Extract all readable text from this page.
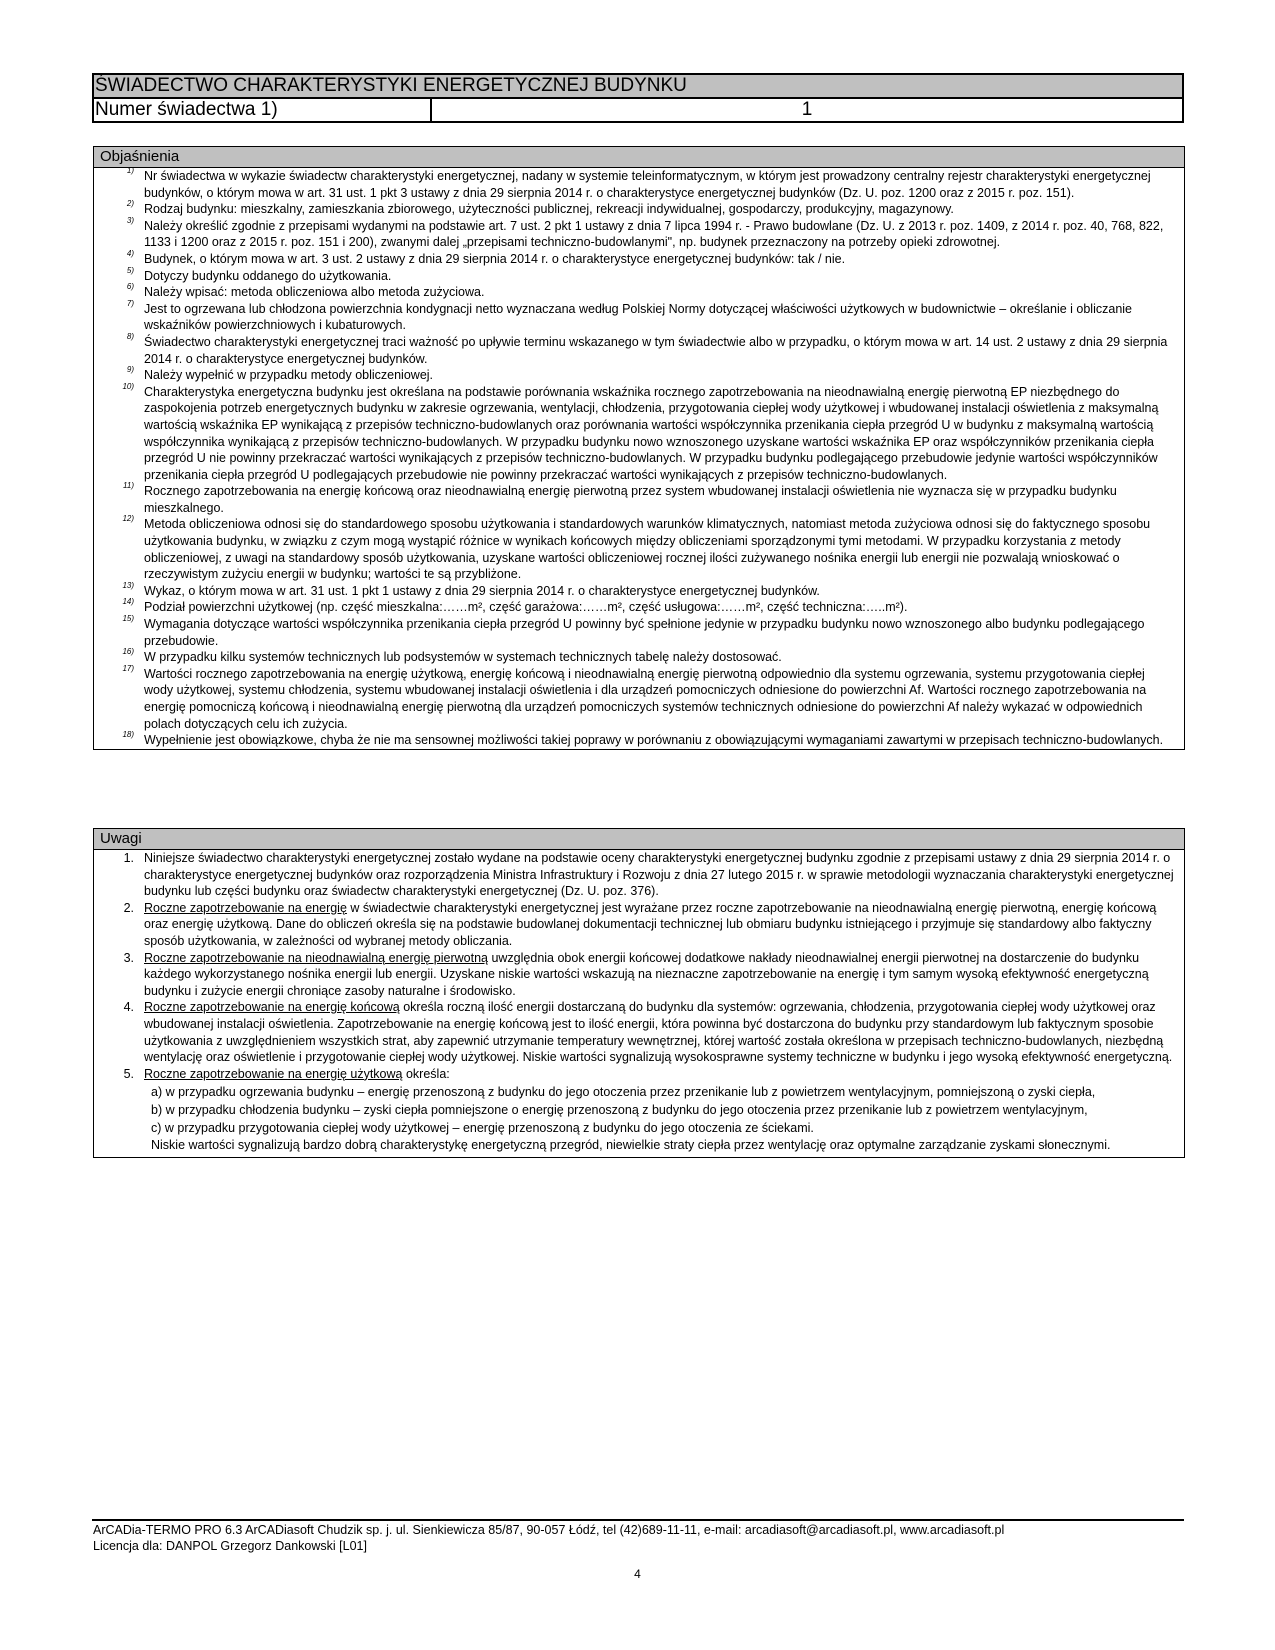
ŚWIADECTWO CHARAKTERYSTYKI ENERGETYCZNEJ BUDYNKU
Numer świadectwa 1)	1
Objaśnienia
$^{1)}$ Nr świadectwa w wykazie świadectw charakterystyki energetycznej, nadany w systemie teleinformatycznym, w którym jest prowadzony centralny rejestr charakterystyki energetycznej budynków, o którym mowa w art. 31 ust. 1 pkt 3 ustawy z dnia 29 sierpnia 2014 r. o charakterystyce energetycznej budynków (Dz. U. poz. 1200 oraz z 2015 r. poz. 151).
$^{2)}$ Rodzaj budynku: mieszkalny, zamieszkania zbiorowego, użyteczności publicznej, rekreacji indywidualnej, gospodarczy, produkcyjny, magazynowy.
$^{3)}$ Należy określić zgodnie z przepisami wydanymi na podstawie art. 7 ust. 2 pkt 1 ustawy z dnia 7 lipca 1994 r. - Prawo budowlane (Dz. U. z 2013 r. poz. 1409, z 2014 r. poz. 40, 768, 822, 1133 i 1200 oraz z 2015 r. poz. 151 i 200), zwanymi dalej „przepisami techniczno-budowlanymi", np. budynek przeznaczony na potrzeby opieki zdrowotnej.
$^{4)}$ Budynek, o którym mowa w art. 3 ust. 2 ustawy z dnia 29 sierpnia 2014 r. o charakterystyce energetycznej budynków: tak / nie.
$^{5)}$ Dotyczy budynku oddanego do użytkowania.
$^{6)}$ Należy wpisać: metoda obliczeniowa albo metoda zużyciowa.
$^{7)}$ Jest to ogrzewana lub chłodzona powierzchnia kondygnacji netto wyznaczana według Polskiej Normy dotyczącej właściwości użytkowych w budownictwie – określanie i obliczanie wskaźników powierzchniowych i kubaturowych.
$^{8)}$ Świadectwo charakterystyki energetycznej traci ważność po upływie terminu wskazanego w tym świadectwie albo w przypadku, o którym mowa w art. 14 ust. 2 ustawy z dnia 29 sierpnia 2014 r. o charakterystyce energetycznej budynków.
$^{9)}$ Należy wypełnić w przypadku metody obliczeniowej.
$^{10)}$ Charakterystyka energetyczna budynku jest określana na podstawie porównania wskaźnika rocznego zapotrzebowania na nieodnawialną energię pierwotną EP niezbędnego do zaspokojenia potrzeb energetycznych budynku w zakresie ogrzewania, wentylacji, chłodzenia, przygotowania ciepłej wody użytkowej i wbudowanej instalacji oświetlenia z maksymalną wartością wskaźnika EP wynikającą z przepisów techniczno-budowlanych oraz porównania wartości współczynnika przenikania ciepła przegród U w budynku z maksymalną wartością współczynnika wynikającą z przepisów techniczno-budowlanych. W przypadku budynku nowo wznoszonego uzyskane wartości wskaźnika EP oraz współczynników przenikania ciepła przegród U nie powinny przekraczać wartości wynikających z przepisów techniczno-budowlanych. W przypadku budynku podlegającego przebudowie jedynie wartości współczynników przenikania ciepła przegród U podlegających przebudowie nie powinny przekraczać wartości wynikających z przepisów techniczno-budowlanych.
$^{11)}$ Rocznego zapotrzebowania na energię końcową oraz nieodnawialną energię pierwotną przez system wbudowanej instalacji oświetlenia nie wyznacza się w przypadku budynku mieszkalnego.
$^{12)}$ Metoda obliczeniowa odnosi się do standardowego sposobu użytkowania i standardowych warunków klimatycznych, natomiast metoda zużyciowa odnosi się do faktycznego sposobu użytkowania budynku, w związku z czym mogą wystąpić różnice w wynikach końcowych między obliczeniami sporządzonymi tymi metodami. W przypadku korzystania z metody obliczeniowej, z uwagi na standardowy sposób użytkowania, uzyskane wartości obliczeniowej rocznej ilości zużywanego nośnika energii lub energii nie pozwalają wnioskować o rzeczywistym zużyciu energii w budynku; wartości te są przybliżone.
$^{13)}$ Wykaz, o którym mowa w art. 31 ust. 1 pkt 1 ustawy z dnia 29 sierpnia 2014 r. o charakterystyce energetycznej budynków.
$^{14)}$ Podział powierzchni użytkowej (np. część mieszkalna:……m², część garażowa:……m², część usługowa:……m², część techniczna:…..m²).
$^{15)}$ Wymagania dotyczące wartości współczynnika przenikania ciepła przegród U powinny być spełnione jedynie w przypadku budynku nowo wznoszonego albo budynku podlegającego przebudowie.
$^{16)}$ W przypadku kilku systemów technicznych lub podsystemów w systemach technicznych tabelę należy dostosować.
$^{17)}$ Wartości rocznego zapotrzebowania na energię użytkową, energię końcową i nieodnawialną energię pierwotną odpowiednio dla systemu ogrzewania, systemu przygotowania ciepłej wody użytkowej, systemu chłodzenia, systemu wbudowanej instalacji oświetlenia i dla urządzeń pomocniczych odniesione do powierzchni Af. Wartości rocznego zapotrzebowania na energię pomocniczą końcową i nieodnawialną energię pierwotną dla urządzeń pomocniczych systemów technicznych odniesione do powierzchni Af należy wykazać w odpowiednich polach dotyczących celu ich zużycia.
$^{18)}$ Wypełnienie jest obowiązkowe, chyba że nie ma sensownej możliwości takiej poprawy w porównaniu z obowiązującymi wymaganiami zawartymi w przepisach techniczno-budowlanych.
Uwagi
1. Niniejsze świadectwo charakterystyki energetycznej zostało wydane na podstawie oceny charakterystyki energetycznej budynku zgodnie z przepisami ustawy z dnia 29 sierpnia 2014 r. o charakterystyce energetycznej budynków oraz rozporządzenia Ministra Infrastruktury i Rozwoju z dnia 27 lutego 2015 r. w sprawie metodologii wyznaczania charakterystyki energetycznej budynku lub części budynku oraz świadectw charakterystyki energetycznej (Dz. U. poz. 376).
2. Roczne zapotrzebowanie na energię w świadectwie charakterystyki energetycznej jest wyrażane przez roczne zapotrzebowanie na nieodnawialną energię pierwotną, energię końcową oraz energię użytkową. Dane do obliczeń określa się na podstawie budowlanej dokumentacji technicznej lub obmiaru budynku istniejącego i przyjmuje się standardowy albo faktyczny sposób użytkowania, w zależności od wybranej metody obliczania.
3. Roczne zapotrzebowanie na nieodnawialną energię pierwotną uwzględnia obok energii końcowej dodatkowe nakłady nieodnawialnej energii pierwotnej na dostarczenie do budynku każdego wykorzystanego nośnika energii lub energii. Uzyskane niskie wartości wskazują na nieznaczne zapotrzebowanie na energię i tym samym wysoką efektywność energetyczną budynku i zużycie energii chroniące zasoby naturalne i środowisko.
4. Roczne zapotrzebowanie na energię końcową określa roczną ilość energii dostarczaną do budynku dla systemów: ogrzewania, chłodzenia, przygotowania ciepłej wody użytkowej oraz wbudowanej instalacji oświetlenia. Zapotrzebowanie na energię końcową jest to ilość energii, która powinna być dostarczona do budynku przy standardowym lub faktycznym sposobie użytkowania z uwzględnieniem wszystkich strat, aby zapewnić utrzymanie temperatury wewnętrznej, której wartość została określona w przepisach techniczno-budowlanych, niezbędną wentylację oraz oświetlenie i przygotowanie ciepłej wody użytkowej. Niskie wartości sygnalizują wysokosprawne systemy techniczne w budynku i jego wysoką efektywność energetyczną.
5. Roczne zapotrzebowanie na energię użytkową określa:
a) w przypadku ogrzewania budynku – energię przenoszoną z budynku do jego otoczenia przez przenikanie lub z powietrzem wentylacyjnym, pomniejszoną o zyski ciepła,
b) w przypadku chłodzenia budynku – zyski ciepła pomniejszone o energię przenoszoną z budynku do jego otoczenia przez przenikanie lub z powietrzem wentylacyjnym,
c) w przypadku przygotowania ciepłej wody użytkowej – energię przenoszoną z budynku do jego otoczenia ze ściekami.
Niskie wartości sygnalizują bardzo dobrą charakterystykę energetyczną przegród, niewielkie straty ciepła przez wentylację oraz optymalne zarządzanie zyskami słonecznymi.
ArCADia-TERMO PRO 6.3 ArCADiasoft Chudzik sp. j. ul. Sienkiewicza 85/87, 90-057 Łódź, tel (42)689-11-11, e-mail: arcadiasoft@arcadiasoft.pl, www.arcadiasoft.pl
Licencja dla: DANPOL Grzegorz Dankowski [L01]
4
